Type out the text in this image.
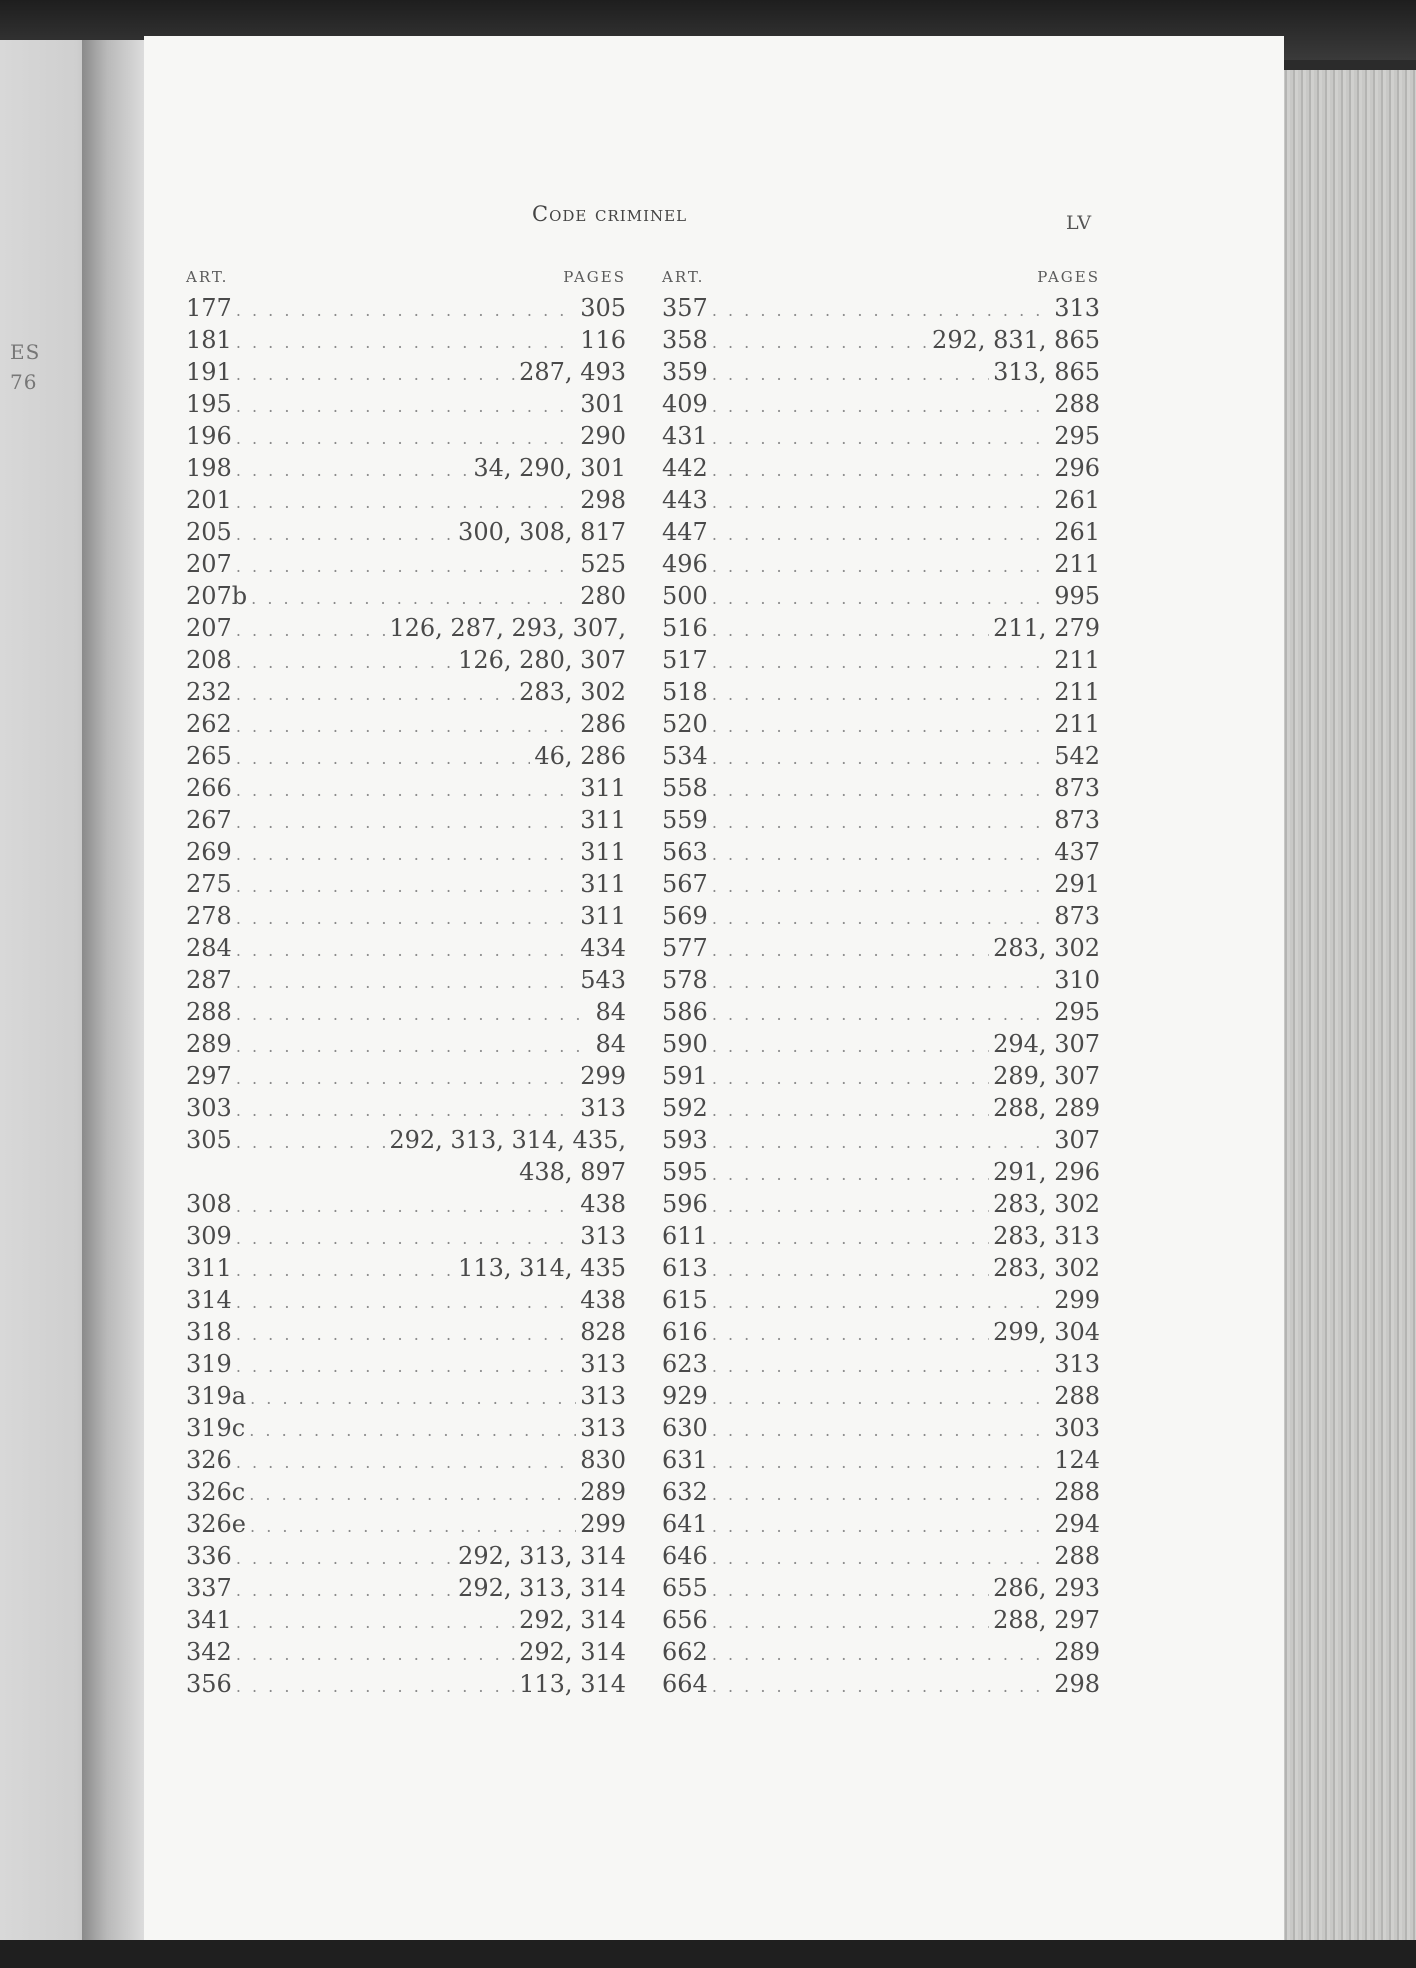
ES
76
Code criminel	LV
ART.	PAGES
177 . . .	305
181 . . .	116
191 . . .	287, 493
195 . . .	301
196 . . .	290
198 . . .	34, 290, 301
201 . . .	298
205 . . .	300, 308, 817
207 . . .	525
207b . . .	280
207 . . .	126, 287, 293, 307,
208 . . .	126, 280, 307
232 . . .	283, 302
262 . . .	286
265 . . .	46, 286
266 . . .	311
267 . . .	311
269 . . .	311
275 . . .	311
278 . . .	311
284 . . .	434
287 . . .	543
288 . . .	84
289 . . .	84
297 . . .	299
303 . . .	313
305 . . .	292, 313, 314, 435,
438, 897
308 . . .	438
309 . . .	313
311 . . .	113, 314, 435
314 . . .	438
318 . . .	828
319 . . .	313
319a . . .	313
319c . . .	313
326 . . .	830
326c . . .	289
326e . . .	299
336 . . .	292, 313, 314
337 . . .	292, 313, 314
341 . . .	292, 314
342 . . .	292, 314
356 . . .	113, 314
ART.	PAGES
357 . . .	313
358 . . .	292, 831, 865
359 . . .	313, 865
409 . . .	288
431 . . .	295
442 . . .	296
443 . . .	261
447 . . .	261
496 . . .	211
500 . . .	995
516 . . .	211, 279
517 . . .	211
518 . . .	211
520 . . .	211
534 . . .	542
558 . . .	873
559 . . .	873
563 . . .	437
567 . . .	291
569 . . .	873
577 . . .	283, 302
578 . . .	310
586 . . .	295
590 . . .	294, 307
591 . . .	289, 307
592 . . .	288, 289
593 . . .	307
595 . . .	291, 296
596 . . .	283, 302
611 . . .	283, 313
613 . . .	283, 302
615 . . .	299
616 . . .	299, 304
623 . . .	313
929 . . .	288
630 . . .	303
631 . . .	124
632 . . .	288
641 . . .	294
646 . . .	288
655 . . .	286, 293
656 . . .	288, 297
662 . . .	289
664 . . .	298
